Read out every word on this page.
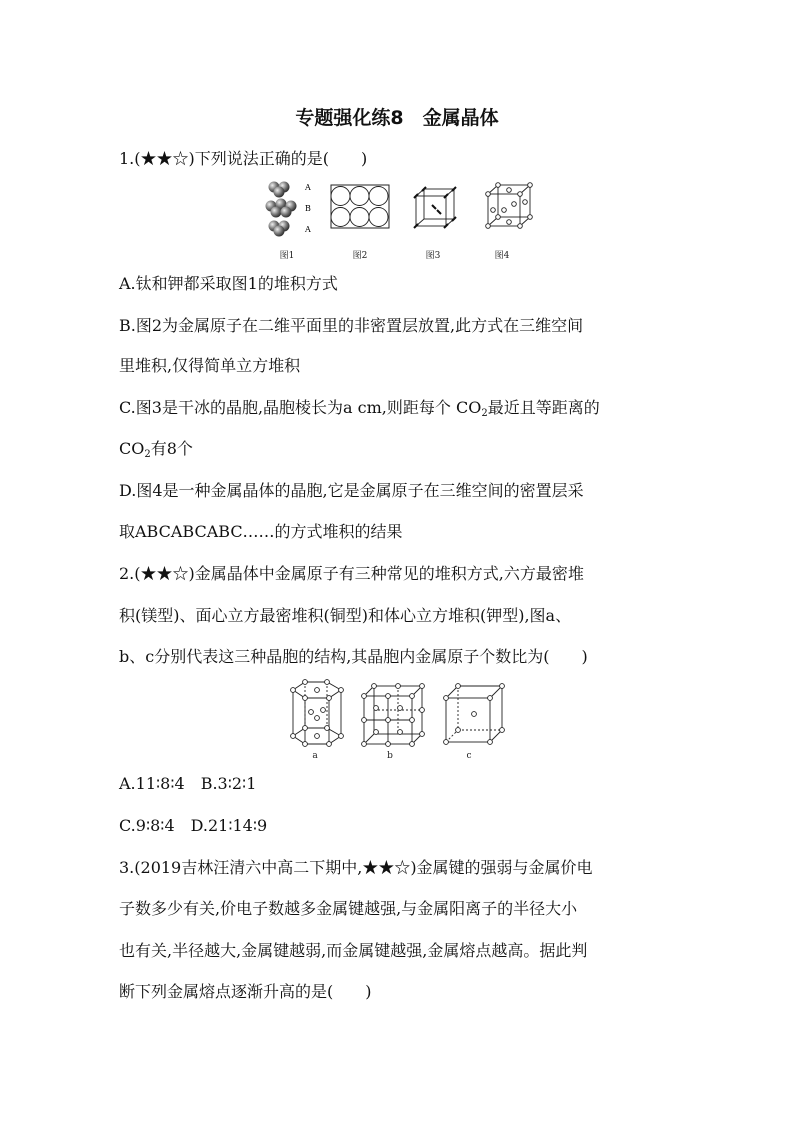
专题强化练8　金属晶体
1.(★★☆)下列说法正确的是(　　)
A
B
A
图1	图2	图3	图4
A.钛和钾都采取图1的堆积方式
B.图2为金属原子在二维平面里的非密置层放置,此方式在三维空间
里堆积,仅得简单立方堆积
C.图3是干冰的晶胞,晶胞棱长为a cm,则距每个 $CO_2$最近且等距离的
$CO_2$有8个
D.图4是一种金属晶体的晶胞,它是金属原子在三维空间的密置层采
取ABCABCABC……的方式堆积的结果
2.(★★☆)金属晶体中金属原子有三种常见的堆积方式,六方最密堆
积(镁型)、面心立方最密堆积(铜型)和体心立方堆积(钾型),图a、
b、c分别代表这三种晶胞的结构,其晶胞内金属原子个数比为(　　)
a	b	c
A.11∶8∶4　B.3∶2∶1
C.9∶8∶4　D.21∶14∶9
3.(2019吉林汪清六中高二下期中,★★☆)金属键的强弱与金属价电
子数多少有关,价电子数越多金属键越强,与金属阳离子的半径大小
也有关,半径越大,金属键越弱,而金属键越强,金属熔点越高。据此判
断下列金属熔点逐渐升高的是(　　)
